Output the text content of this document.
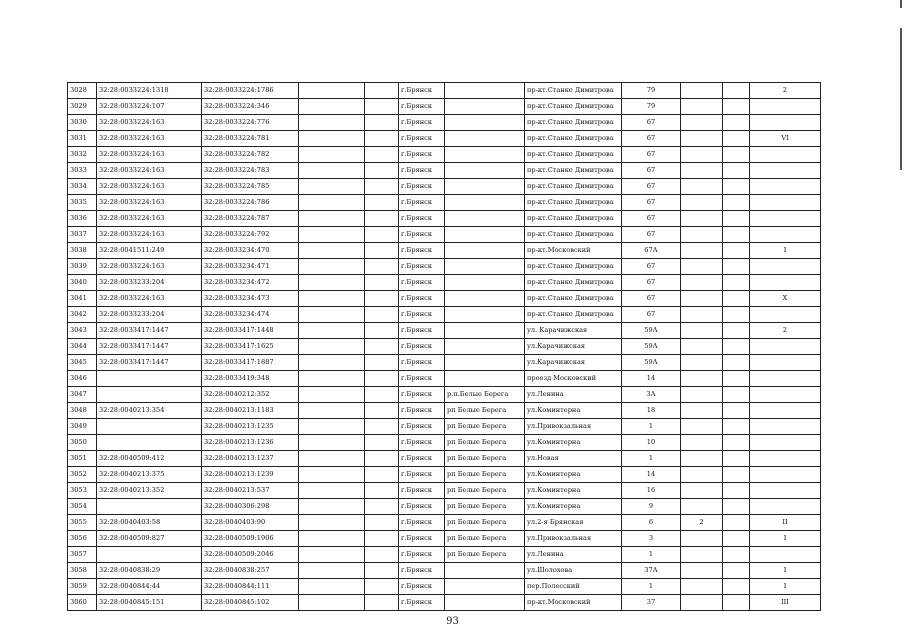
3028	32:28:0033224:1318	32:28:0033224:1786			г.Брянск		пр-кт.Станке Димитрова	79			2
3029	32:28:0033224:107	32:28:0033224:346			г.Брянск		пр-кт.Станке Димитрова	79			
3030	32:28:0033224:163	32:28:0033224:776			г.Брянск		пр-кт.Станке Димитрова	67			
3031	32:28:0033224:163	32:28:0033224:781			г.Брянск		пр-кт.Станке Димитрова	67			VI
3032	32:28:0033224:163	32:28:0033224:782			г.Брянск		пр-кт.Станке Димитрова	67			
3033	32:28:0033224:163	32:28:0033224:783			г.Брянск		пр-кт.Станке Димитрова	67			
3034	32:28:0033224:163	32:28:0033224:785			г.Брянск		пр-кт.Станке Димитрова	67			
3035	32:28:0033224:163	32:28:0033224:786			г.Брянск		пр-кт.Станке Димитрова	67			
3036	32:28:0033224:163	32:28:0033224:787			г.Брянск		пр-кт.Станке Димитрова	67			
3037	32:28:0033224:163	32:28:0033224:792			г.Брянск		пр-кт.Станке Димитрова	67			
3038	32:28:0041511:249	32:28:0033234:470			г.Брянск		пр-кт.Московский	67А			I
3039	32:28:0033224:163	32:28:0033234:471			г.Брянск		пр-кт.Станке Димитрова	67			
3040	32:28:0033233:204	32:28:0033234:472			г.Брянск		пр-кт.Станке Димитрова	67			
3041	32:28:0033224:163	32:28:0033234:473			г.Брянск		пр-кт.Станке Димитрова	67			X
3042	32:28:0033233:204	32:28:0033234:474			г.Брянск		пр-кт.Станке Димитрова	67			
3043	32:28:0033417:1447	32:28:0033417:1448			г.Брянск		ул. Карачижская	59А			2
3044	32:28:0033417:1447	32:28:0033417:1625			г.Брянск		ул.Карачижская	59А			
3045	32:28:0033417:1447	32:28:0033417:1887			г.Брянск		ул.Карачижская	59А			
3046		32:28:0033419:348			г.Брянск		проезд Московский	14			
3047		32:28:0040212:352			г.Брянск	р.п.Белые Берега	ул.Ленина	3А			
3048	32:28:0040213:354	32:28:0040213:1183			г.Брянск	рп Белые Берега	ул.Коминтерна	18			
3049		32:28:0040213:1235			г.Брянск	рп Белые Берега	ул.Привокзальная	1			
3050		32:28:0040213:1236			г.Брянск	рп Белые Берега	ул.Коминтерна	10			
3051	32:28:0040509:412	32:28:0040213:1237			г.Брянск	рп Белые Берега	ул.Новая	1			
3052	32:28:0040213:375	32:28:0040213:1239			г.Брянск	рп Белые Берега	ул.Коминтерна	14			
3053	32:28:0040213:352	32:28:0040213:537			г.Брянск	рп Белые Берега	ул.Коминтерна	16			
3054		32:28:0040306:298			г.Брянск	рп Белые Берега	ул.Коминтерна	9			
3055	32:28:0040403:58	32:28:0040403:90			г.Брянск	рп Белые Берега	ул.2-я Брянская	6	2		II
3056	32:28:0040509:827	32:28:0040509:1906			г.Брянск	рп Белые Берега	ул.Привокзальная	3			I
3057		32:28:0040509:2046			г.Брянск	рп Белые Берега	ул.Ленина	1			
3058	32:28:0040838:29	32:28:0040838:257			г.Брянск		ул.Шолохова	37А			I
3059	32:28:0040844:44	32:28:0040844:111			г.Брянск		пер.Полесский	1			I
3060	32:28:0040845:151	32:28:0040845:102			г.Брянск		пр-кт.Московский	37			III
93
